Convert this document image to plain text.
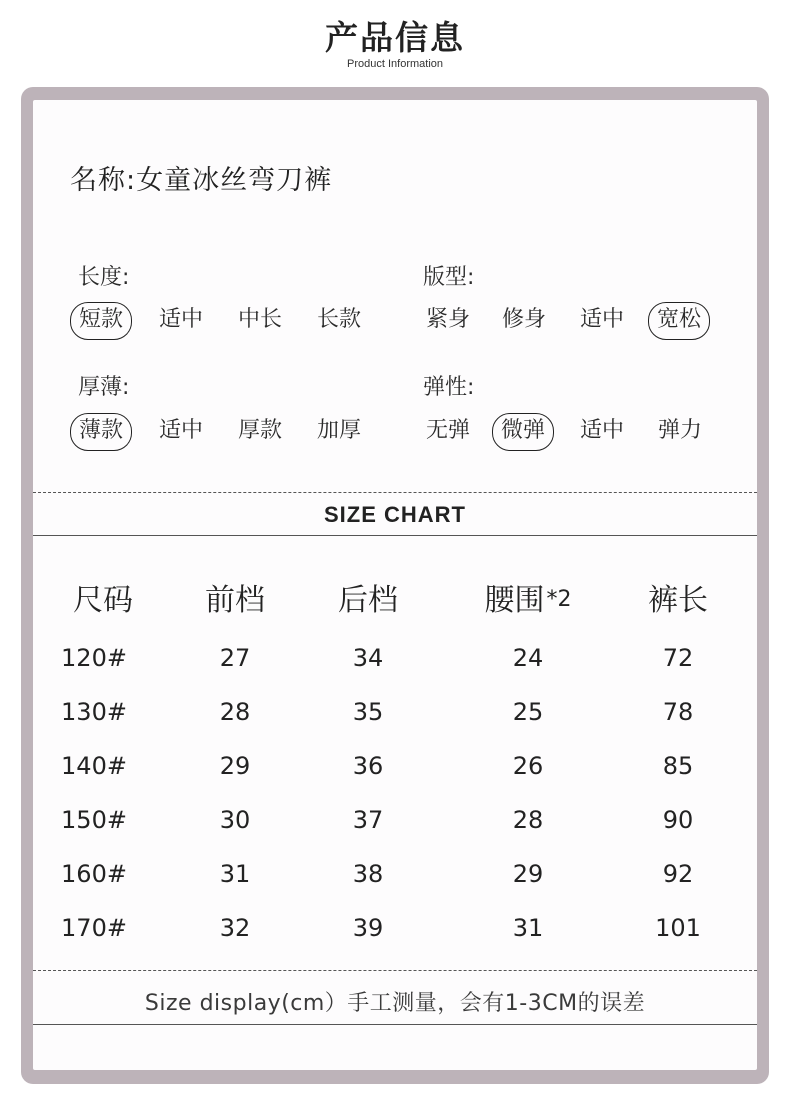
产品信息
Product Information
名称:女童冰丝弯刀裤
长度:
短款	适中 中长 长款
版型:
紧身 修身 适中	宽松
厚薄:
薄款	适中 厚款 加厚
弹性:
无弹	微弹	适中 弹力
SIZE CHART
尺码	前档	后档	腰围*2	裤长
120#	27	34	24	72
130#	28	35	25	78
140#	29	36	26	85
150#	30	37	28	90
160#	31	38	29	92
170#	32	39	31	101
Size display(cm）手工测量，会有1-3CM的误差
